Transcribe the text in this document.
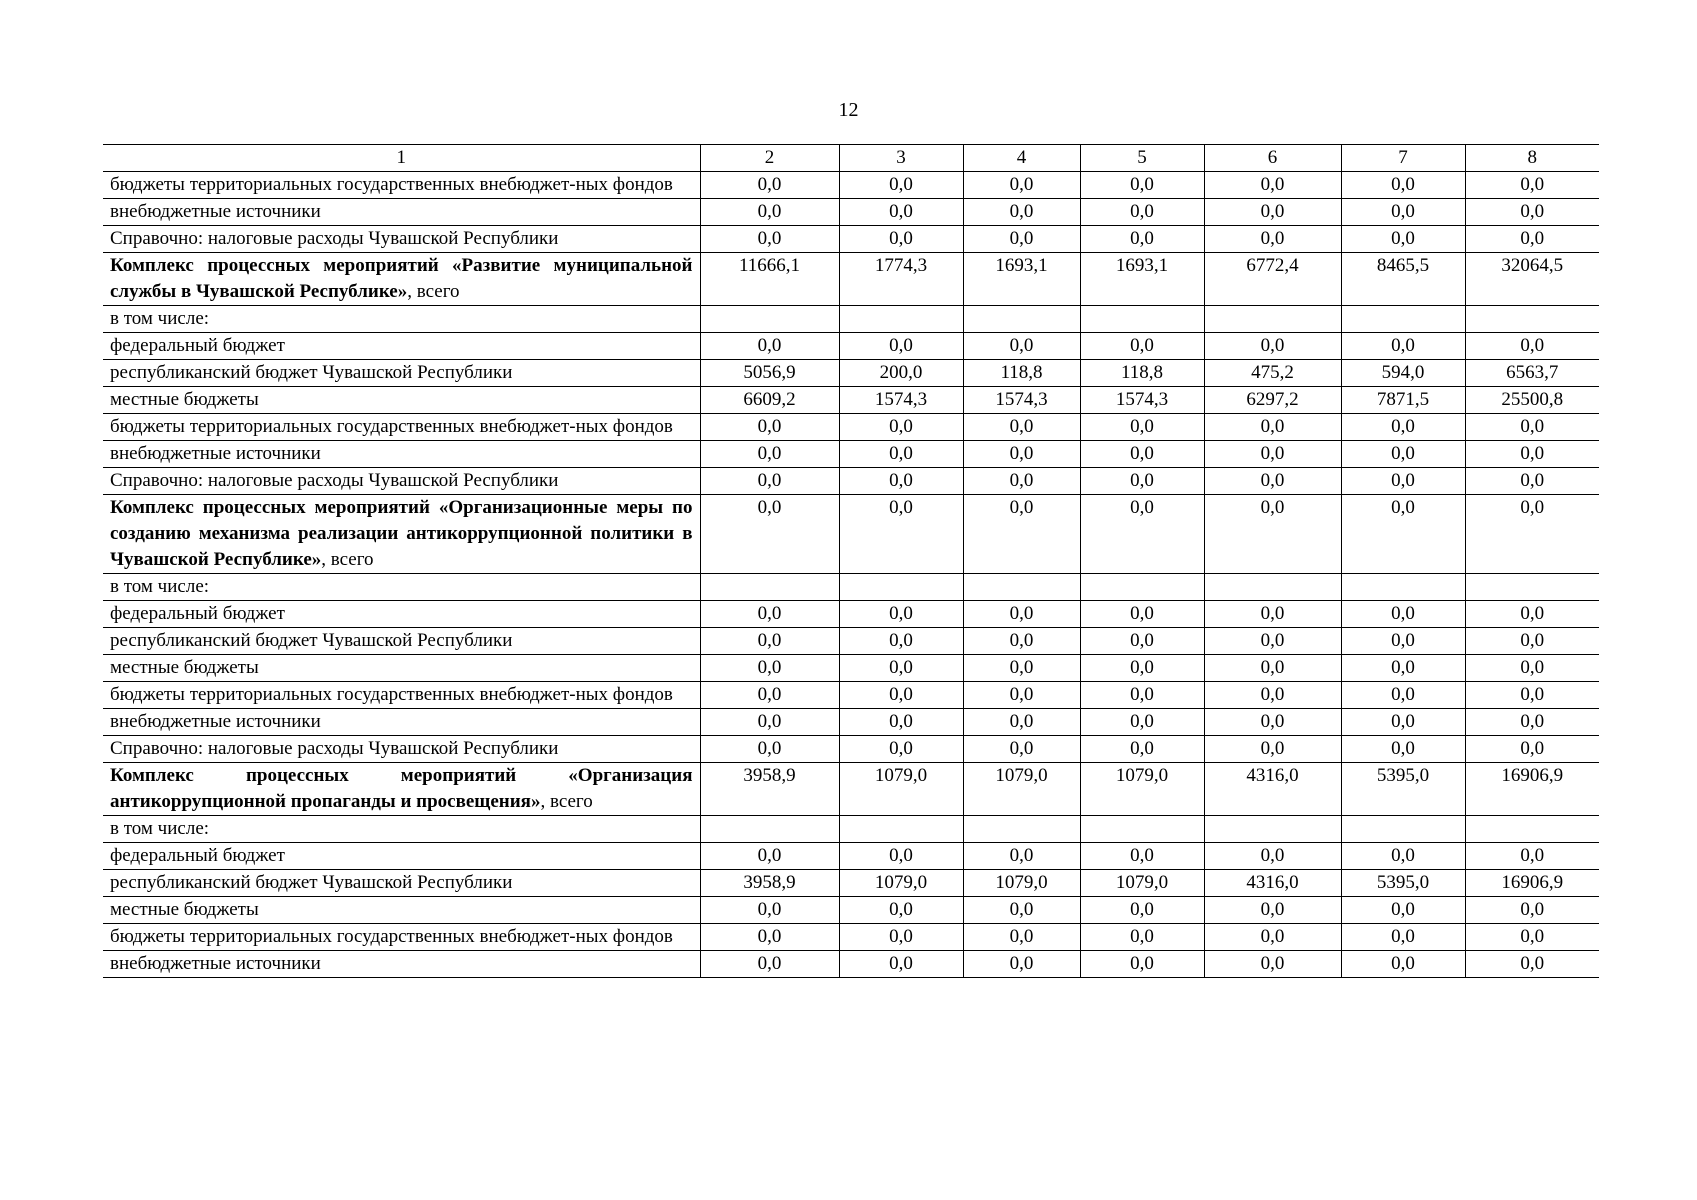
12
1	2	3	4	5	6	7	8
бюджеты территориальных государственных внебюджет-ных фондов	0,0	0,0	0,0	0,0	0,0	0,0	0,0
внебюджетные источники	0,0	0,0	0,0	0,0	0,0	0,0	0,0
Справочно: налоговые расходы Чувашской Республики	0,0	0,0	0,0	0,0	0,0	0,0	0,0
Комплекс процессных мероприятий «Развитие муниципальной службы в Чувашской Республике», всего	11666,1	1774,3	1693,1	1693,1	6772,4	8465,5	32064,5
в том числе:							
федеральный бюджет	0,0	0,0	0,0	0,0	0,0	0,0	0,0
республиканский бюджет Чувашской Республики	5056,9	200,0	118,8	118,8	475,2	594,0	6563,7
местные бюджеты	6609,2	1574,3	1574,3	1574,3	6297,2	7871,5	25500,8
бюджеты территориальных государственных внебюджет-ных фондов	0,0	0,0	0,0	0,0	0,0	0,0	0,0
внебюджетные источники	0,0	0,0	0,0	0,0	0,0	0,0	0,0
Справочно: налоговые расходы Чувашской Республики	0,0	0,0	0,0	0,0	0,0	0,0	0,0
Комплекс процессных мероприятий «Организационные меры по созданию механизма реализации антикоррупционной политики в Чувашской Республике», всего	0,0	0,0	0,0	0,0	0,0	0,0	0,0
в том числе:							
федеральный бюджет	0,0	0,0	0,0	0,0	0,0	0,0	0,0
республиканский бюджет Чувашской Республики	0,0	0,0	0,0	0,0	0,0	0,0	0,0
местные бюджеты	0,0	0,0	0,0	0,0	0,0	0,0	0,0
бюджеты территориальных государственных внебюджет-ных фондов	0,0	0,0	0,0	0,0	0,0	0,0	0,0
внебюджетные источники	0,0	0,0	0,0	0,0	0,0	0,0	0,0
Справочно: налоговые расходы Чувашской Республики	0,0	0,0	0,0	0,0	0,0	0,0	0,0
Комплекс процессных мероприятий «Организация антикоррупционной пропаганды и просвещения», всего	3958,9	1079,0	1079,0	1079,0	4316,0	5395,0	16906,9
в том числе:							
федеральный бюджет	0,0	0,0	0,0	0,0	0,0	0,0	0,0
республиканский бюджет Чувашской Республики	3958,9	1079,0	1079,0	1079,0	4316,0	5395,0	16906,9
местные бюджеты	0,0	0,0	0,0	0,0	0,0	0,0	0,0
бюджеты территориальных государственных внебюджет-ных фондов	0,0	0,0	0,0	0,0	0,0	0,0	0,0
внебюджетные источники	0,0	0,0	0,0	0,0	0,0	0,0	0,0
